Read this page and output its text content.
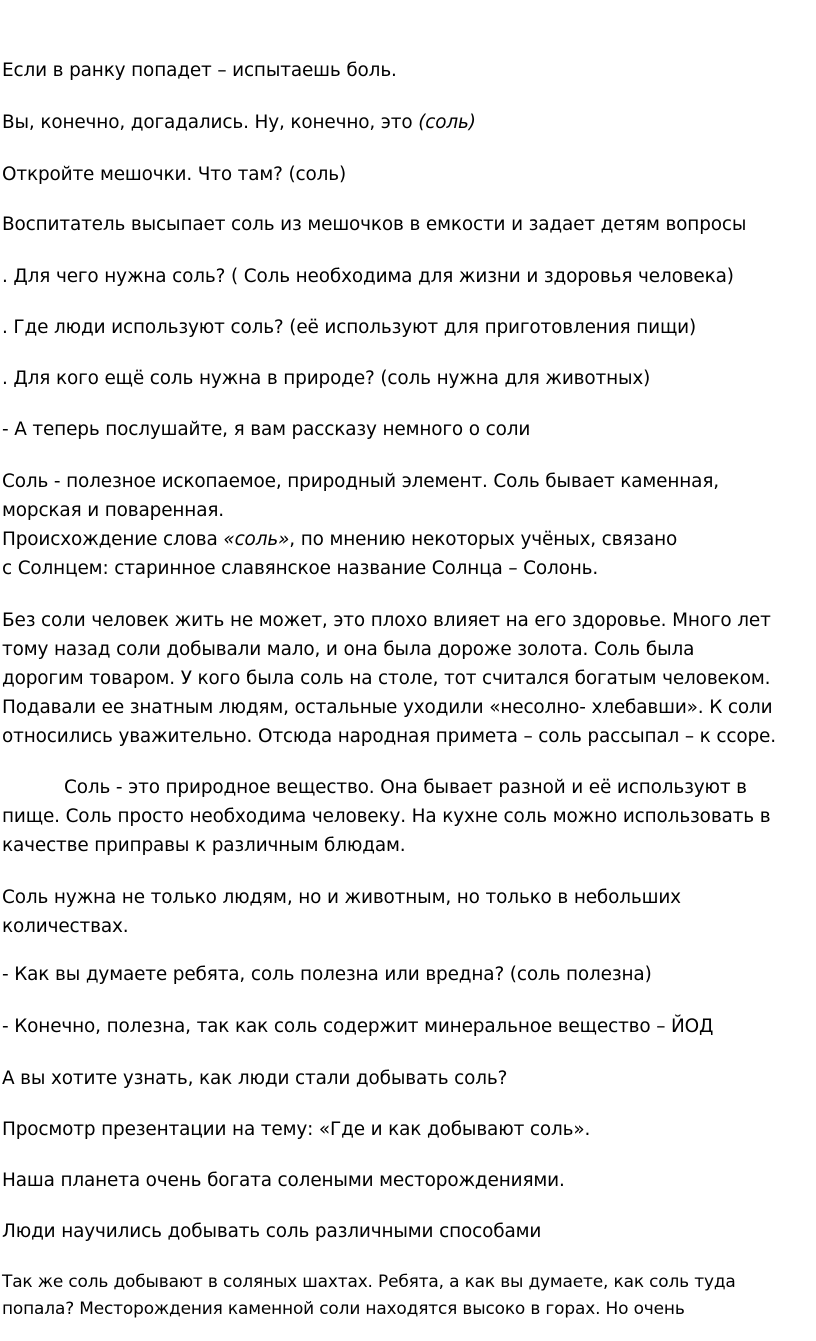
Если в ранку попадет – испытаешь боль.
Вы, конечно, догадались. Ну, конечно, это (соль)
Откройте мешочки. Что там? (соль)
Воспитатель высыпает соль из мешочков в емкости и задает детям вопросы
. Для чего нужна соль? ( Соль необходима для жизни и здоровья человека)
. Где люди используют соль? (её используют для приготовления пищи)
. Для кого ещё соль нужна в природе? (соль нужна для животных)
- А теперь послушайте, я вам рассказу немного о соли
Соль - полезное ископаемое, природный элемент. Соль бывает каменная,
морская и поваренная.
Происхождение слова «соль», по мнению некоторых учёных, связано
с Солнцем: старинное славянское название Солнца – Солонь.
Без соли человек жить не может, это плохо влияет на его здоровье. Много лет
тому назад соли добывали мало, и она была дороже золота. Соль была
дорогим товаром. У кого была соль на столе, тот считался богатым человеком.
Подавали ее знатным людям, остальные уходили «несолно- хлебавши». К соли
относились уважительно. Отсюда народная примета – соль рассыпал – к ссоре.
Соль - это природное вещество. Она бывает разной и её используют в
пище. Соль просто необходима человеку. На кухне соль можно использовать в
качестве приправы к различным блюдам.
Соль нужна не только людям, но и животным, но только в небольших
количествах.
- Как вы думаете ребята, соль полезна или вредна? (соль полезна)
- Конечно, полезна, так как соль содержит минеральное вещество – ЙОД
А вы хотите узнать, как люди стали добывать соль?
Просмотр презентации на тему: «Где и как добывают соль».
Наша планета очень богата солеными месторождениями.
Люди научились добывать соль различными способами
Так же соль добывают в соляных шахтах. Ребята, а как вы думаете, как соль туда
попала? Месторождения каменной соли находятся высоко в горах. Но очень
